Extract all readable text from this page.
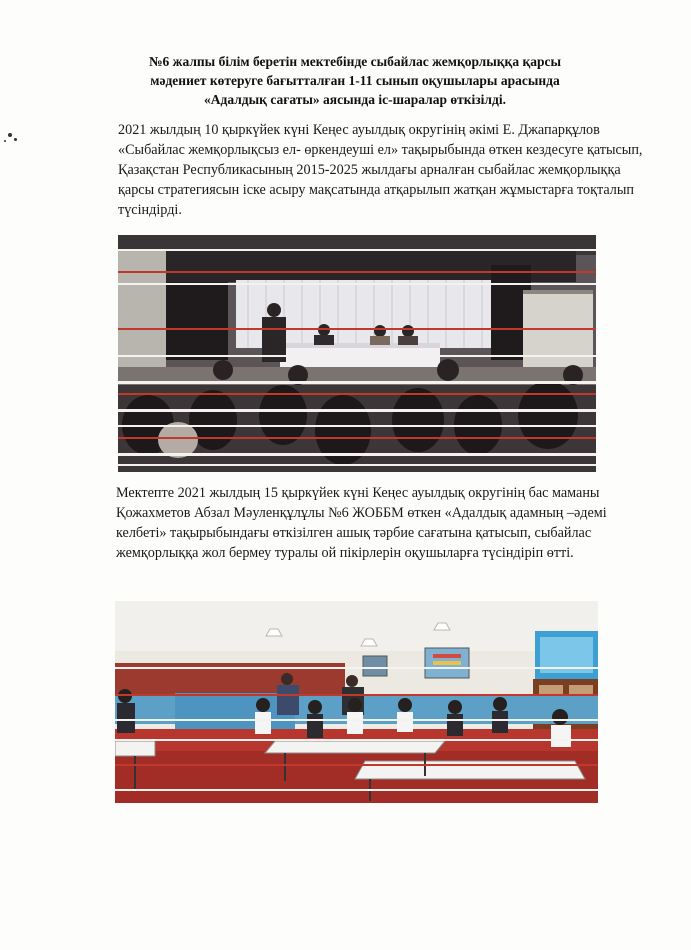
№6 жалпы білім беретін мектебінде сыбайлас жемқорлыққа қарсы мәдениет көтеруге бағытталған 1-11 сынып оқушылары арасында «Адалдық сағаты» аясында іс-шаралар өткізілді.
2021 жылдың 10 қыркүйек күні Кеңес ауылдық округінің әкімі Е. Джапарқұлов «Сыбайлас жемқорлықсыз ел- өркендеуші ел» тақырыбында өткен кездесуге қатысып, Қазақстан Республикасының 2015-2025 жылдағы арналған сыбайлас жемқорлыққа қарсы стратегиясын іске асыру мақсатында атқарылып жатқан жұмыстарға тоқталып түсіндірді.
Мектепте 2021 жылдың 15 қыркүйек күні Кеңес ауылдық округінің бас маманы Қожахметов Абзал Мәуленқұлұлы №6 ЖОББМ өткен «Адалдық адамның –әдемі келбеті» тақырыбындағы өткізілген ашық тәрбие сағатына қатысып, сыбайлас жемқорлыққа жол бермеу туралы ой пікірлерін оқушыларға түсіндіріп өтті.
